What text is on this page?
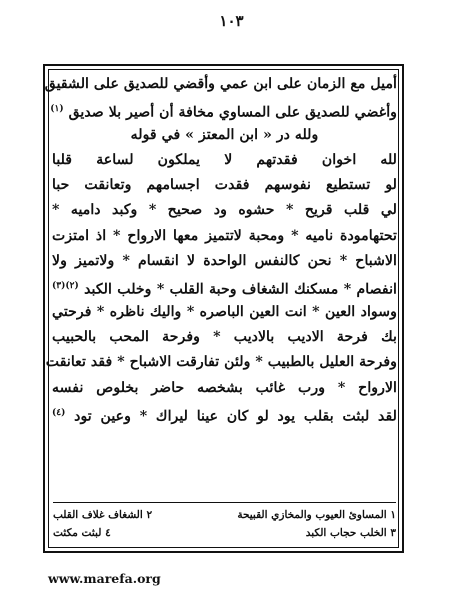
١٠٣
أميل مع الزمان على ابن عمي وأقضي للصديق على الشقيق
وأغضي للصديق على المساوي مخافة أن أصير بلا صديق $^{(١)}$
ولله در « ابن المعتز » في قوله
لله اخوان فقدتهم لا يملكون لساعة قلبا
لو تستطيع نفوسهم فقدت اجسامهم وتعانقت حبا
لي قلب قريح * حشوه ود صحيح * وكبد داميه *
تحتهامودة ناميه * ومحبة لاتتميز معها الارواح * اذ امتزت
الاشباح * نحن كالنفس الواحدة لا انقسام * ولاتميز ولا
انفصام * مسكنك الشغاف وحبة القلب * وخلب الكبد $^{(٢)(٣)}$
وسواد العين * انت العين الباصره * واليك ناظره * فرحتي
بك فرحة الاديب بالاديب * وفرحة المحب بالحبيب
وفرحة العليل بالطبيب * ولئن تفارقت الاشباح * فقد تعانقت
الارواح * ورب غائب بشخصه حاضر بخلوص نفسه
لقد لبثت بقلب يود لو كان عينا ليراك * وعين تود $^{(٤)}$
١ المساوئ العيوب والمخازي القبيحة
٢ الشغاف غلاف القلب
٣ الخلب حجاب الكبد
٤ لبثت مكثت
www.marefa.org
